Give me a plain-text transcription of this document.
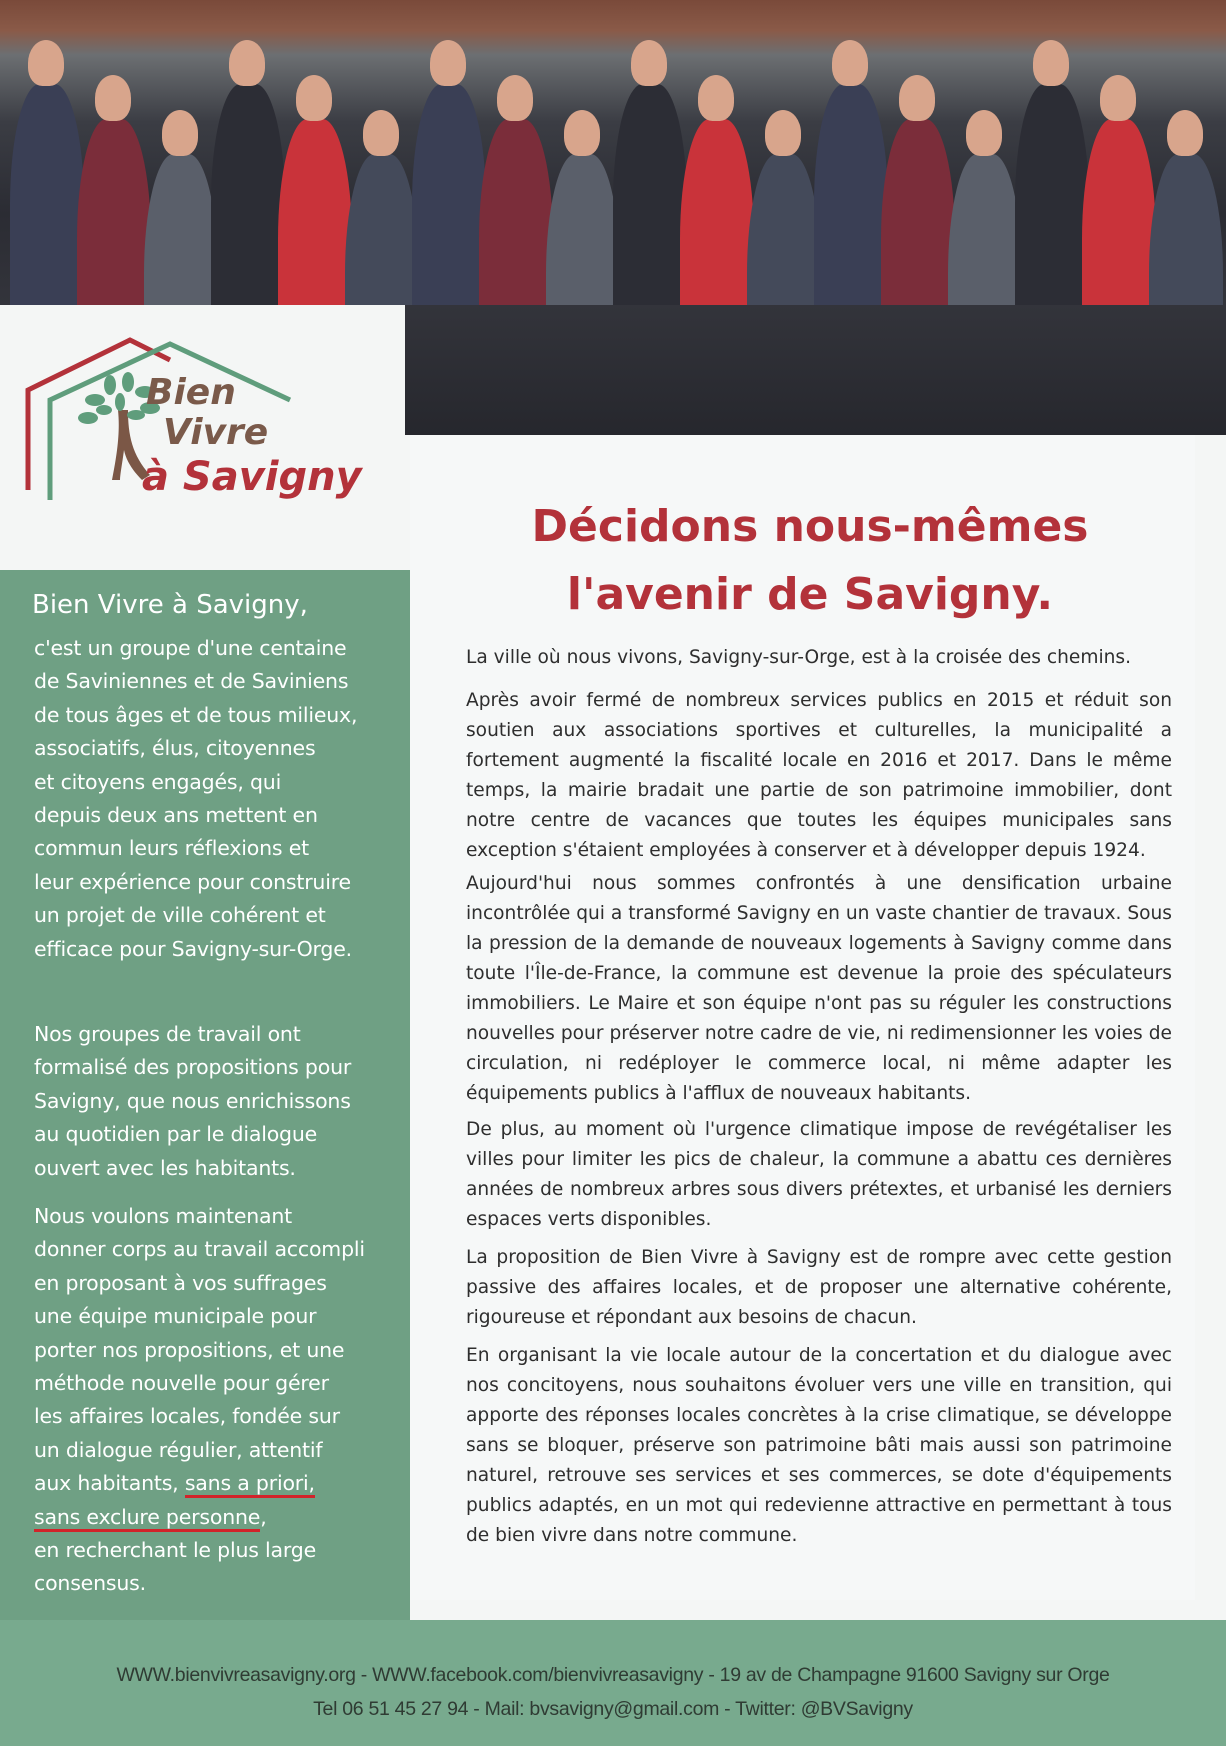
Bien
Vivre
à Savigny
Bien Vivre à Savigny,
c'est un groupe d'une centaine
de Saviniennes et de Saviniens
de tous âges et de tous milieux,
associatifs, élus, citoyennes
et citoyens engagés, qui
depuis deux ans mettent en
commun leurs réflexions et
leur expérience pour construire
un projet de ville cohérent et
efficace pour Savigny-sur-Orge.
Nos groupes de travail ont
formalisé des propositions pour
Savigny, que nous enrichissons
au quotidien par le dialogue
ouvert avec les habitants.
Nous voulons maintenant
donner corps au travail accompli
en proposant à vos suffrages
une équipe municipale pour
porter nos propositions, et une
méthode nouvelle pour gérer
les affaires locales, fondée sur
un dialogue régulier, attentif
aux habitants, sans a priori,
sans exclure personne,
en recherchant le plus large
consensus.
Décidons nous-mêmes
l'avenir de Savigny.
La ville où nous vivons, Savigny-sur-Orge, est à la croisée des chemins.
Après avoir fermé de nombreux services publics en 2015 et réduit son soutien aux associations sportives et culturelles, la municipalité a fortement augmenté la fiscalité locale en 2016 et 2017. Dans le même temps, la mairie bradait une partie de son patrimoine immobilier, dont notre centre de vacances que toutes les équipes municipales sans exception s'étaient employées à conserver et à développer depuis 1924.
Aujourd'hui nous sommes confrontés à une densification urbaine incontrôlée qui a transformé Savigny en un vaste chantier de travaux. Sous la pression de la demande de nouveaux logements à Savigny comme dans toute l'Île-de-France, la commune est devenue la proie des spéculateurs immobiliers. Le Maire et son équipe n'ont pas su réguler les constructions nouvelles pour préserver notre cadre de vie, ni redimensionner les voies de circulation, ni redéployer le commerce local, ni même adapter les équipements publics à l'afflux de nouveaux habitants.
De plus, au moment où l'urgence climatique impose de revégétaliser les villes pour limiter les pics de chaleur, la commune a abattu ces dernières années de nombreux arbres sous divers prétextes, et urbanisé les derniers espaces verts disponibles.
La proposition de Bien Vivre à Savigny est de rompre avec cette gestion passive des affaires locales, et de proposer une alternative cohérente, rigoureuse et répondant aux besoins de chacun.
En organisant la vie locale autour de la concertation et du dialogue avec nos concitoyens, nous souhaitons évoluer vers une ville en transition, qui apporte des réponses locales concrètes à la crise climatique, se développe sans se bloquer, préserve son patrimoine bâti mais aussi son patrimoine naturel, retrouve ses services et ses commerces, se dote d'équipements publics adaptés, en un mot qui redevienne attractive en permettant à tous de bien vivre dans notre commune.
WWW.bienvivreasavigny.org - WWW.facebook.com/bienvivreasavigny - 19 av de Champagne 91600 Savigny sur Orge
Tel 06 51 45 27 94 - Mail: bvsavigny@gmail.com - Twitter: @BVSavigny
